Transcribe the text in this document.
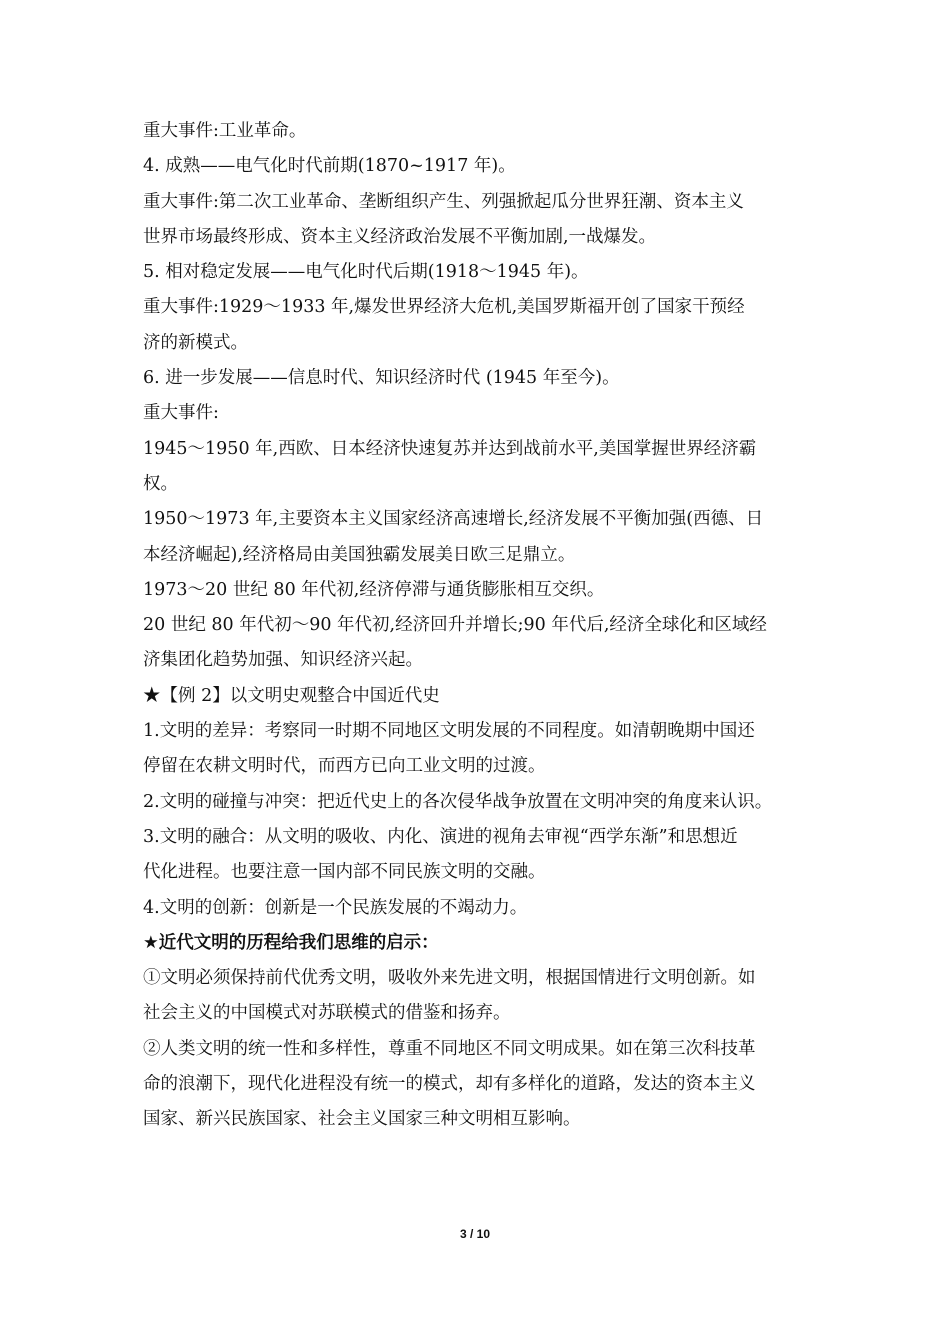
重大事件:工业革命。
4. 成熟——电气化时代前期(1870~1917 年)。
重大事件:第二次工业革命、垄断组织产生、列强掀起瓜分世界狂潮、资本主义
世界市场最终形成、资本主义经济政治发展不平衡加剧,一战爆发。
5. 相对稳定发展——电气化时代后期(1918～1945 年)。
重大事件:1929～1933 年,爆发世界经济大危机,美国罗斯福开创了国家干预经
济的新模式。
6. 进一步发展——信息时代、知识经济时代 (1945 年至今)。
重大事件:
1945～1950 年,西欧、日本经济快速复苏并达到战前水平,美国掌握世界经济霸
权。
1950～1973 年,主要资本主义国家经济高速增长,经济发展不平衡加强(西德、日
本经济崛起),经济格局由美国独霸发展美日欧三足鼎立。
1973～20 世纪 80 年代初,经济停滞与通货膨胀相互交织。
20 世纪 80 年代初～90 年代初,经济回升并增长;90 年代后,经济全球化和区域经
济集团化趋势加强、知识经济兴起。
★【例 2】以文明史观整合中国近代史
1.文明的差异：考察同一时期不同地区文明发展的不同程度。如清朝晚期中国还
停留在农耕文明时代，而西方已向工业文明的过渡。
2.文明的碰撞与冲突：把近代史上的各次侵华战争放置在文明冲突的角度来认识。
3.文明的融合：从文明的吸收、内化、演进的视角去审视“西学东渐”和思想近
代化进程。也要注意一国内部不同民族文明的交融。
4.文明的创新：创新是一个民族发展的不竭动力。
★近代文明的历程给我们思维的启示：
①文明必须保持前代优秀文明，吸收外来先进文明，根据国情进行文明创新。如
社会主义的中国模式对苏联模式的借鉴和扬弃。
②人类文明的统一性和多样性，尊重不同地区不同文明成果。如在第三次科技革
命的浪潮下，现代化进程没有统一的模式，却有多样化的道路，发达的资本主义
国家、新兴民族国家、社会主义国家三种文明相互影响。
3 / 10
